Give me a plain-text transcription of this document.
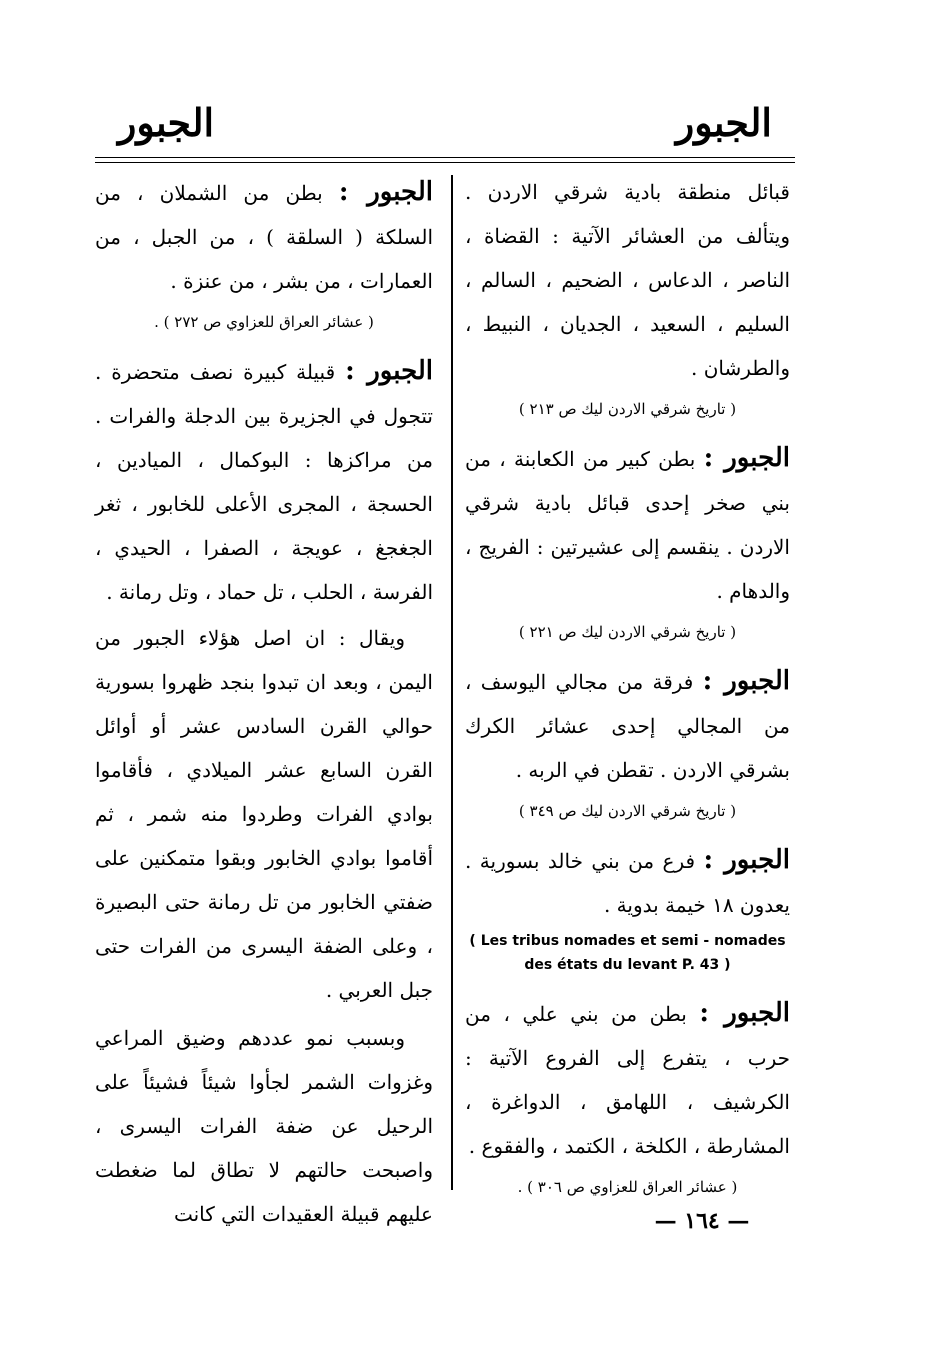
الجبور
الجبور

قبائل منطقة بادية شرقي الاردن . ويتألف من العشائر الآتية : القضاة ، الناصر ، الدعاس ، الضحيم ، السالم ، السليم ، السعيد ، الجديان ، النبيط ، والطرشان .

( تاريخ شرقي الاردن ليك ص ٢١٣ )

الجبور : بطن كبير من الكعابنة ، من بني صخر إحدى قبائل بادية شرقي الاردن . ينقسم إلى عشيرتين : الفريج ، والدهام .

( تاريخ شرقي الاردن ليك ص ٢٢١ )

الجبور : فرقة من مجالي اليوسف ، من المجالي إحدى عشائر الكرك بشرقي الاردن . تقطن في الربه .

( تاريخ شرقي الاردن ليك ص ٣٤٩ )

الجبور : فرع من بني خالد بسورية . يعدون ١٨ خيمة بدوية .

( Les tribus nomades et semi - nomades des états du levant P. 43 )

الجبور : بطن من بني علي ، من حرب ، يتفرع إلى الفروع الآتية : الكرشيف ، اللهامق ، الدواغرة ، المشارطة ، الكلخة ، الكتمد ، والفقوع .

( عشائر العراق للعزاوي ص ٣٠٦ ) .

الجبور : بطن من الشملان ، من السلكة ( السلقة ) ، من الجبل ، من العمارات ، من بشر ، من عنزة .

( عشائر العراق للعزاوي ص ٢٧٢ ) .

الجبور : قبيلة كبيرة نصف متحضرة . تتجول في الجزيرة بين الدجلة والفرات . من مراكزها : البوكمال ، الميادين ، الحسجة ، المجرى الأعلى للخابور ، ثغر الجغجغ ، عويجة ، الصفرا ، الحيدي ، الفرسة ، الحلب ، تل حماد ، وتل رمانة .

ويقال : ان اصل هؤلاء الجبور من اليمن ، وبعد ان تبدوا بنجد ظهروا بسورية حوالي القرن السادس عشر أو أوائل القرن السابع عشر الميلادي ، فأقاموا بوادي الفرات وطردوا منه شمر ، ثم أقاموا بوادي الخابور وبقوا متمكنين على ضفتي الخابور من تل رمانة حتى البصيرة ، وعلى الضفة اليسرى من الفرات حتى جبل العربي .

وبسبب نمو عددهم وضيق المراعي وغزوات الشمر لجأوا شيئاً فشيئاً على الرحيل عن ضفة الفرات اليسرى ، واصبحت حالتهم لا تطاق لما ضغطت عليهم قبيلة العقيدات التي كانت	— ١٦٤ —
